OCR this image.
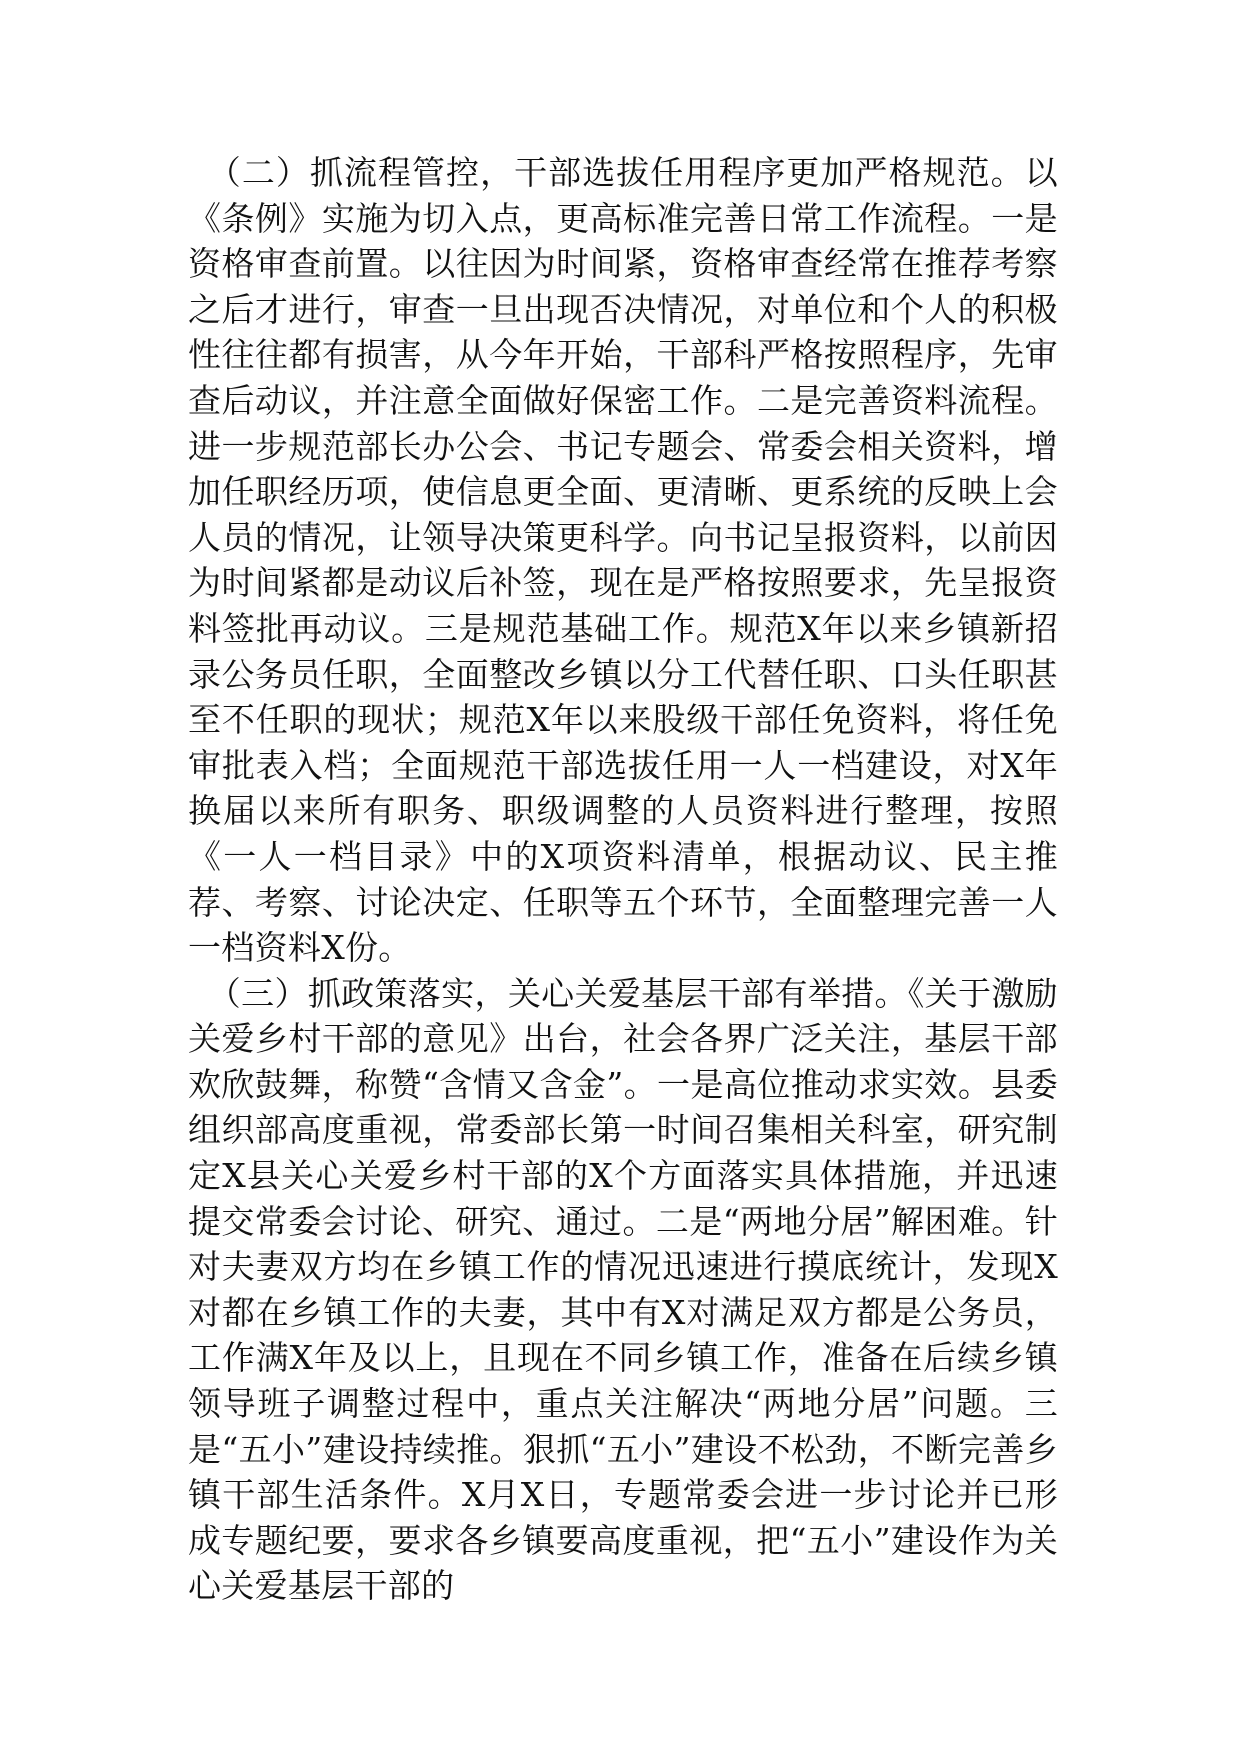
（二）抓流程管控，干部选拔任用程序更加严格规范。以《条例》实施为切入点，更高标准完善日常工作流程。一是资格审查前置。以往因为时间紧，资格审查经常在推荐考察之后才进行，审查一旦出现否决情况，对单位和个人的积极性往往都有损害，从今年开始，干部科严格按照程序，先审查后动议，并注意全面做好保密工作。二是完善资料流程。进一步规范部长办公会、书记专题会、常委会相关资料，增加任职经历项，使信息更全面、更清晰、更系统的反映上会人员的情况，让领导决策更科学。向书记呈报资料，以前因为时间紧都是动议后补签，现在是严格按照要求，先呈报资料签批再动议。三是规范基础工作。规范X年以来乡镇新招录公务员任职，全面整改乡镇以分工代替任职、口头任职甚至不任职的现状；规范X年以来股级干部任免资料，将任免审批表入档；全面规范干部选拔任用一人一档建设，对X年换届以来所有职务、职级调整的人员资料进行整理，按照《一人一档目录》中的X项资料清单，根据动议、民主推荐、考察、讨论决定、任职等五个环节，全面整理完善一人一档资料X份。

（三）抓政策落实，关心关爱基层干部有举措。《关于激励关爱乡村干部的意见》出台，社会各界广泛关注，基层干部欢欣鼓舞，称赞“含情又含金”。一是高位推动求实效。县委组织部高度重视，常委部长第一时间召集相关科室，研究制定X县关心关爱乡村干部的X个方面落实具体措施，并迅速提交常委会讨论、研究、通过。二是“两地分居”解困难。针对夫妻双方均在乡镇工作的情况迅速进行摸底统计，发现X对都在乡镇工作的夫妻，其中有X对满足双方都是公务员，工作满X年及以上，且现在不同乡镇工作，准备在后续乡镇领导班子调整过程中，重点关注解决“两地分居”问题。三是“五小”建设持续推。狠抓“五小”建设不松劲，不断完善乡镇干部生活条件。X月X日，专题常委会进一步讨论并已形成专题纪要，要求各乡镇要高度重视，把“五小”建设作为关心关爱基层干部的
